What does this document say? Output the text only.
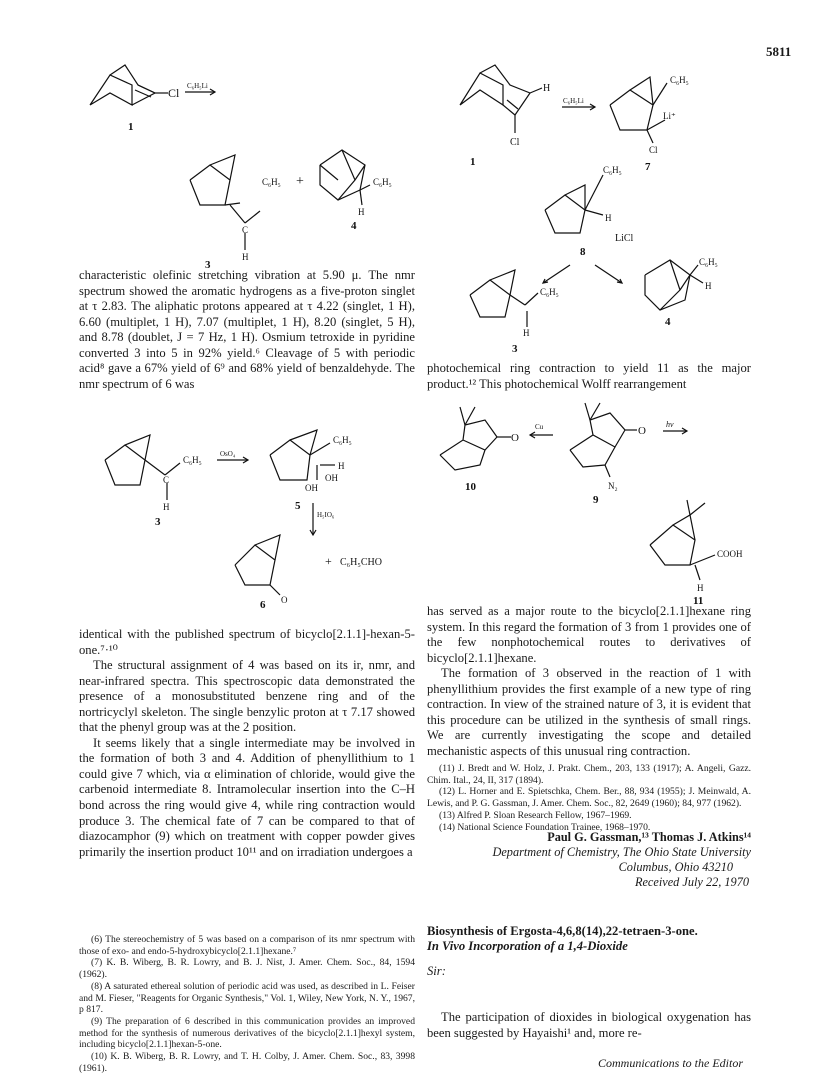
5811
Cl
1
C₆H₅Li
C₆H₅
C
H
+	C₆H₅
H
4
3

characteristic olefinic stretching vibration at 5.90 μ. The nmr spectrum showed the aromatic hydrogens as a five-proton singlet at τ 2.83. The aliphatic protons appeared at τ 4.22 (singlet, 1 H), 6.60 (multiplet, 1 H), 7.07 (multiplet, 1 H), 8.20 (singlet, 5 H), and 8.78 (doublet, J = 7 Hz, 1 H). Osmium tetroxide in pyridine converted 3 into 5 in 92% yield.⁶ Cleavage of 5 with periodic acid⁸ gave a 67% yield of 6⁹ and 68% yield of benzaldehyde. The nmr spectrum of 6 was

C₆H₅
C
H
3
OsO₄
C₆H₅
H
OH
OH
5
H₅IO₆
O
+ C₆H₅CHO
6

identical with the published spectrum of bicyclo[2.1.1]-hexan-5-one.⁷·¹⁰

The structural assignment of 4 was based on its ir, nmr, and near-infrared spectra. This spectroscopic data demonstrated the presence of a monosubstituted benzene ring and of the nortricyclyl skeleton. The single benzylic proton at τ 7.17 showed that the phenyl group was at the 2 position.

It seems likely that a single intermediate may be involved in the formation of both 3 and 4. Addition of phenyllithium to 1 could give 7 which, via α elimination of chloride, would give the carbenoid intermediate 8. Intramolecular insertion into the C–H bond across the ring would give 4, while ring contraction would produce 3. The chemical fate of 7 can be compared to that of diazocamphor (9) which on treatment with copper powder gives primarily the insertion product 10¹¹ and on irradiation undergoes a

(6) The stereochemistry of 5 was based on a comparison of its nmr spectrum with those of exo- and endo-5-hydroxybicyclo[2.1.1]hexane.⁷

(7) K. B. Wiberg, B. R. Lowry, and B. J. Nist, J. Amer. Chem. Soc., 84, 1594 (1962).

(8) A saturated ethereal solution of periodic acid was used, as described in L. Feiser and M. Fieser, "Reagents for Organic Synthesis," Vol. 1, Wiley, New York, N. Y., 1967, p 817.

(9) The preparation of 6 described in this communication provides an improved method for the synthesis of numerous derivatives of the bicyclo[2.1.1]hexyl system, including bicyclo[2.1.1]hexan-5-one.

(10) K. B. Wiberg, B. R. Lowry, and T. H. Colby, J. Amer. Chem. Soc., 83, 3998 (1961).

H
Cl
1
C₆H₅Li
C₆H₅
Li⁺
Cl
7
C₆H₅
H
LiCl
8
C₆H₅
H
3
C₆H₅
H
4

photochemical ring contraction to yield 11 as the major product.¹² This photochemical Wolff rearrangement

O
10
Cu	O
N₂
9
hν
COOH
H
11

has served as a major route to the bicyclo[2.1.1]hexane ring system. In this regard the formation of 3 from 1 provides one of the few nonphotochemical routes to derivatives of bicyclo[2.1.1]hexane.

The formation of 3 observed in the reaction of 1 with phenyllithium provides the first example of a new type of ring contraction. In view of the strained nature of 3, it is evident that this procedure can be utilized in the synthesis of small rings. We are currently investigating the scope and detailed mechanistic aspects of this unusual ring contraction.

(11) J. Bredt and W. Holz, J. Prakt. Chem., 203, 133 (1917); A. Angeli, Gazz. Chim. Ital., 24, II, 317 (1894).

(12) L. Horner and E. Spietschka, Chem. Ber., 88, 934 (1955); J. Meinwald, A. Lewis, and P. G. Gassman, J. Amer. Chem. Soc., 82, 2649 (1960); 84, 977 (1962).

(13) Alfred P. Sloan Research Fellow, 1967–1969.

(14) National Science Foundation Trainee, 1968–1970.

Paul G. Gassman,¹³ Thomas J. Atkins¹⁴
Department of Chemistry, The Ohio State University
Columbus, Ohio 43210
Received July 22, 1970
Biosynthesis of Ergosta-4,6,8(14),22-tetraen-3-one.
In Vivo Incorporation of a 1,4-Dioxide
Sir:

The participation of dioxides in biological oxygenation has been suggested by Hayaishi¹ and, more re-

Communications to the Editor
